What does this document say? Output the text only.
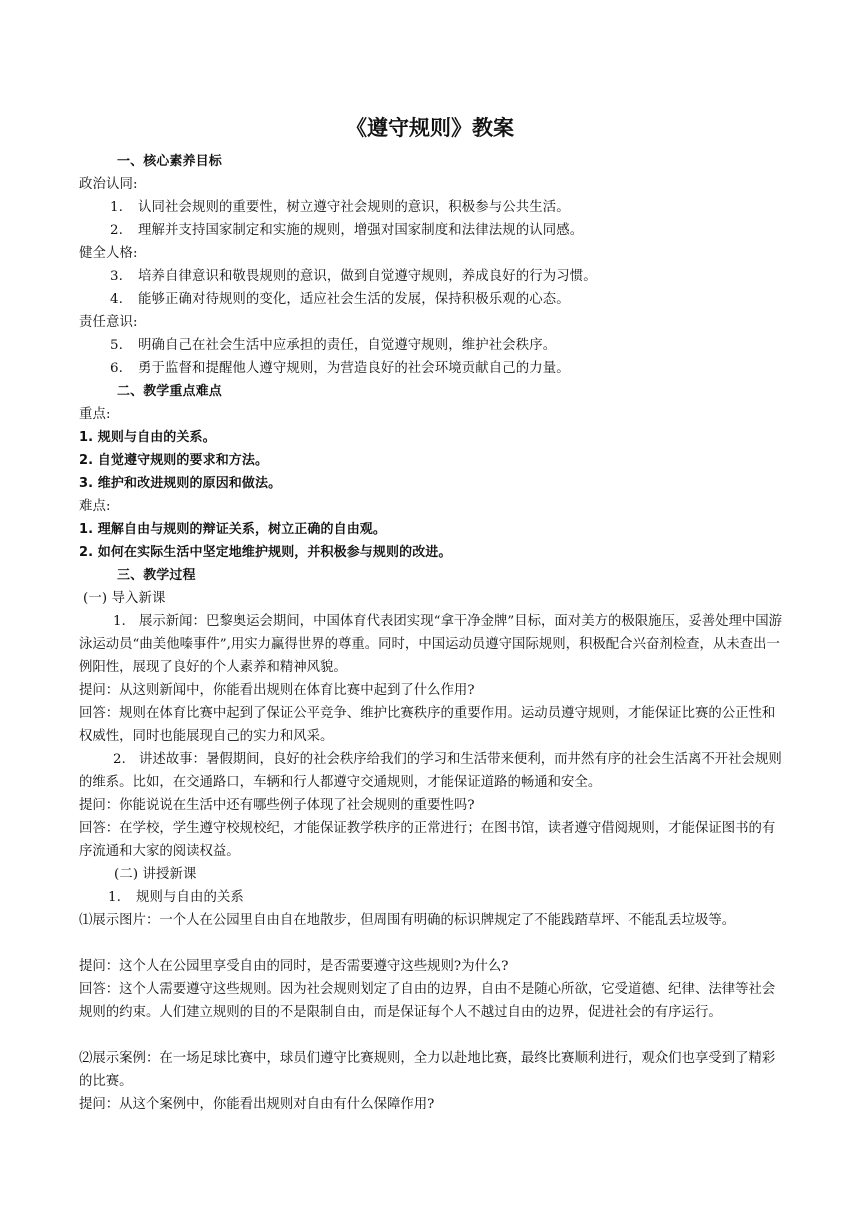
《遵守规则》教案
一、核心素养目标
政治认同:
1. 认同社会规则的重要性，树立遵守社会规则的意识，积极参与公共生活。
2. 理解并支持国家制定和实施的规则，增强对国家制度和法律法规的认同感。
健全人格:
3. 培养自律意识和敬畏规则的意识，做到自觉遵守规则，养成良好的行为习惯。
4. 能够正确对待规则的变化，适应社会生活的发展，保持积极乐观的心态。
责任意识:
5. 明确自己在社会生活中应承担的责任，自觉遵守规则，维护社会秩序。
6. 勇于监督和提醒他人遵守规则，为营造良好的社会环境贡献自己的力量。
二、教学重点难点
重点:
1. 规则与自由的关系。
2. 自觉遵守规则的要求和方法。
3. 维护和改进规则的原因和做法。
难点:
1. 理解自由与规则的辩证关系，树立正确的自由观。
2. 如何在实际生活中坚定地维护规则，并积极参与规则的改进。
三、教学过程
(一) 导入新课
1. 展示新闻：巴黎奥运会期间，中国体育代表团实现“拿干净金牌”目标，面对美方的极限施压，妥善处理中国游泳运动员“曲美他嗪事件”,用实力赢得世界的尊重。同时，中国运动员遵守国际规则，积极配合兴奋剂检查，从未查出一例阳性，展现了良好的个人素养和精神风貌。
提问：从这则新闻中，你能看出规则在体育比赛中起到了什么作用?
回答：规则在体育比赛中起到了保证公平竞争、维护比赛秩序的重要作用。运动员遵守规则，才能保证比赛的公正性和权威性，同时也能展现自己的实力和风采。
2. 讲述故事：暑假期间，良好的社会秩序给我们的学习和生活带来便利，而井然有序的社会生活离不开社会规则的维系。比如，在交通路口，车辆和行人都遵守交通规则，才能保证道路的畅通和安全。
提问：你能说说在生活中还有哪些例子体现了社会规则的重要性吗?
回答：在学校，学生遵守校规校纪，才能保证教学秩序的正常进行；在图书馆，读者遵守借阅规则，才能保证图书的有序流通和大家的阅读权益。
(二) 讲授新课
1. 规则与自由的关系
⑴展示图片：一个人在公园里自由自在地散步，但周围有明确的标识牌规定了不能践踏草坪、不能乱丢垃圾等。
提问：这个人在公园里享受自由的同时，是否需要遵守这些规则?为什么?
回答：这个人需要遵守这些规则。因为社会规则划定了自由的边界，自由不是随心所欲，它受道德、纪律、法律等社会规则的约束。人们建立规则的目的不是限制自由，而是保证每个人不越过自由的边界，促进社会的有序运行。
⑵展示案例：在一场足球比赛中，球员们遵守比赛规则，全力以赴地比赛，最终比赛顺利进行，观众们也享受到了精彩的比赛。
提问：从这个案例中，你能看出规则对自由有什么保障作用?
